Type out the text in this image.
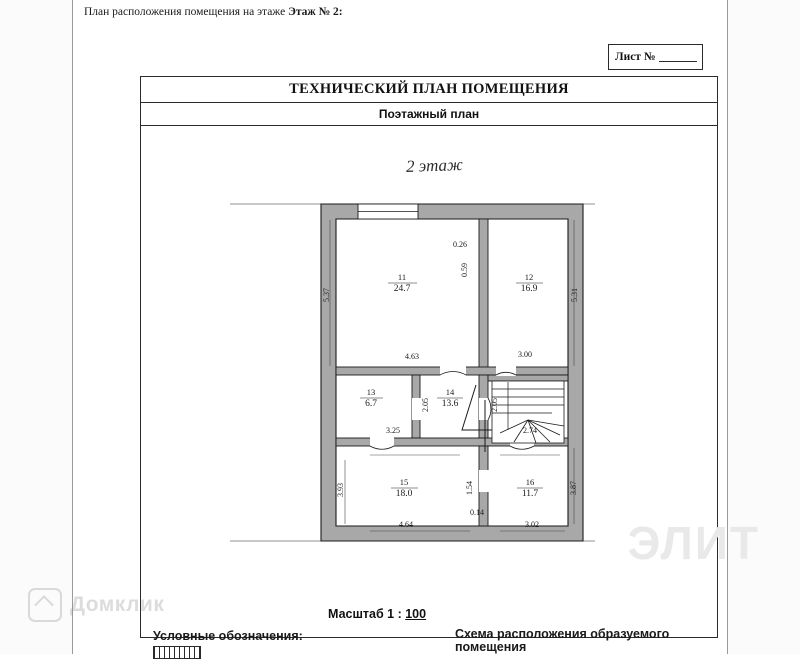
План расположения помещения на этаже Этаж № 2:
Лист №
ТЕХНИЧЕСКИЙ ПЛАН ПОМЕЩЕНИЯ
Поэтажный план
2 этаж
11
24.7
12
16.9
13
6.7
14
13.6
15
18.0
16
11.7
5.37	5.31
0.26
0.59
4.63	3.00
2.05	2.05
3.25	2.74
3.93	1.54	3.87
0.14
4.64	3.02
Масштаб 1 : 100
Условные обозначения:	Схема расположения образуемого помещения
Домклик
ЭЛИТ
